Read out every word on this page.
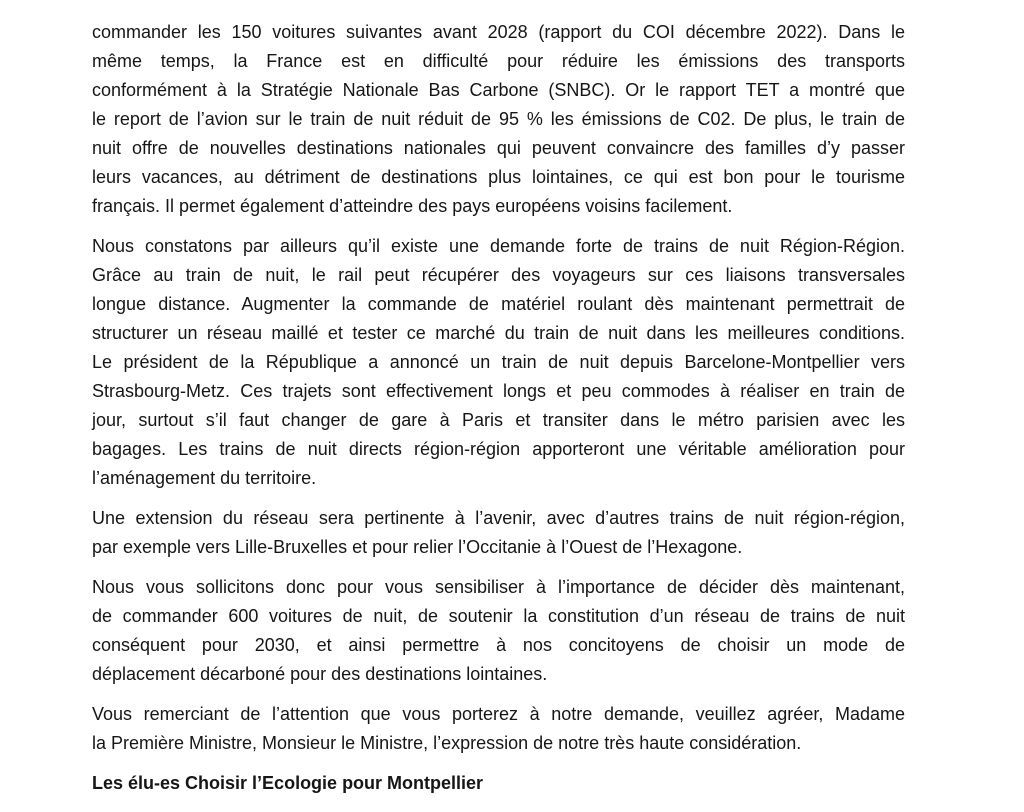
commander les 150 voitures suivantes avant 2028 (rapport du COI décembre 2022). Dans le
même temps, la France est en difficulté pour réduire les émissions des transports
conformément à la Stratégie Nationale Bas Carbone (SNBC). Or le rapport TET a montré que
le report de l’avion sur le train de nuit réduit de 95 % les émissions de C02. De plus, le train de
nuit offre de nouvelles destinations nationales qui peuvent convaincre des familles d’y passer
leurs vacances, au détriment de destinations plus lointaines, ce qui est bon pour le tourisme
français. Il permet également d’atteindre des pays européens voisins facilement.
Nous constatons par ailleurs qu’il existe une demande forte de trains de nuit Région-Région.
Grâce au train de nuit, le rail peut récupérer des voyageurs sur ces liaisons transversales
longue distance. Augmenter la commande de matériel roulant dès maintenant permettrait de
structurer un réseau maillé et tester ce marché du train de nuit dans les meilleures conditions.
Le président de la République a annoncé un train de nuit depuis Barcelone-Montpellier vers
Strasbourg-Metz. Ces trajets sont effectivement longs et peu commodes à réaliser en train de
jour, surtout s’il faut changer de gare à Paris et transiter dans le métro parisien avec les
bagages. Les trains de nuit directs région-région apporteront une véritable amélioration pour
l’aménagement du territoire.
Une extension du réseau sera pertinente à l’avenir, avec d’autres trains de nuit région-région,
par exemple vers Lille-Bruxelles et pour relier l’Occitanie à l’Ouest de l’Hexagone.
Nous vous sollicitons donc pour vous sensibiliser à l’importance de décider dès maintenant,
de commander 600 voitures de nuit, de soutenir la constitution d’un réseau de trains de nuit
conséquent pour 2030, et ainsi permettre à nos concitoyens de choisir un mode de
déplacement décarboné pour des destinations lointaines.
Vous remerciant de l’attention que vous porterez à notre demande, veuillez agréer, Madame
la Première Ministre, Monsieur le Ministre, l’expression de notre très haute considération.
Les élu-es Choisir l’Ecologie pour Montpellier
